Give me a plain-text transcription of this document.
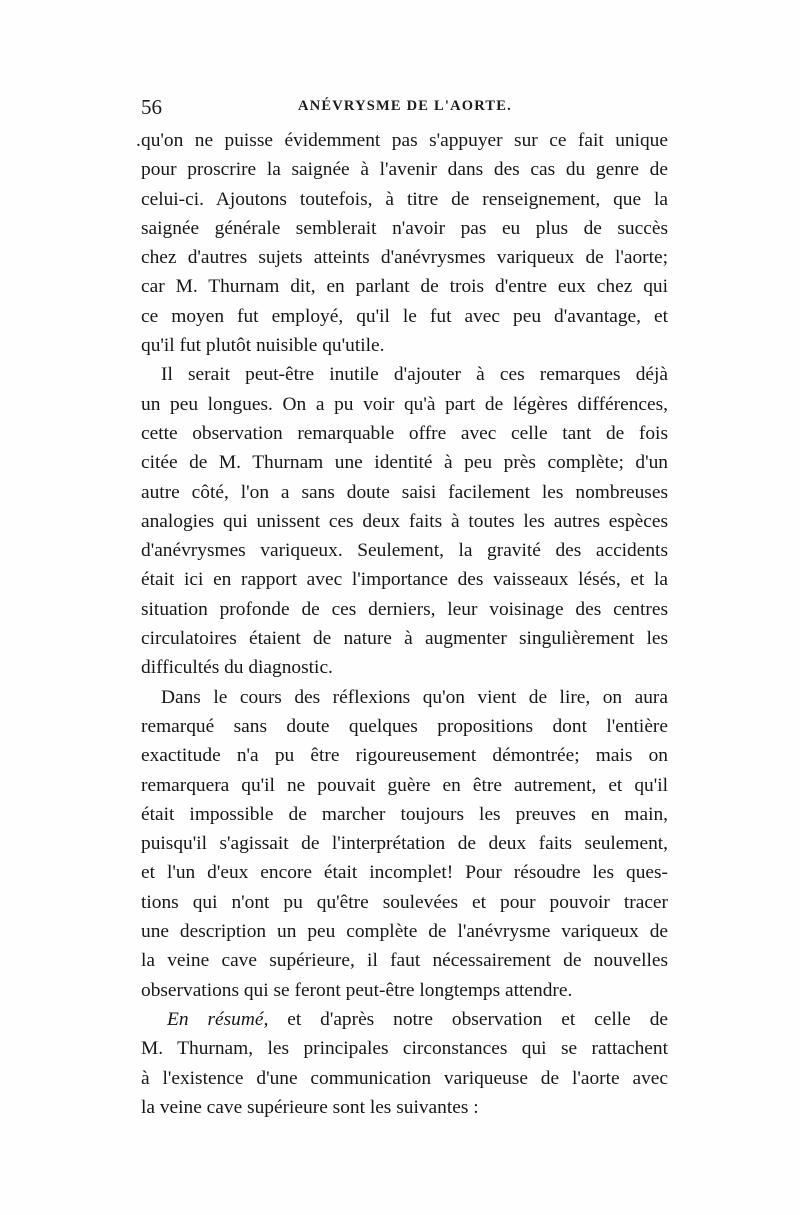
56	ANÉVRYSME DE L'AORTE.
. qu'on ne puisse évidemment pas s'appuyer sur ce fait unique
pour proscrire la saignée à l'avenir dans des cas du genre de
celui-ci. Ajoutons toutefois, à titre de renseignement, que la
saignée générale semblerait n'avoir pas eu plus de succès
chez d'autres sujets atteints d'anévrysmes variqueux de l'aorte;
car M. Thurnam dit, en parlant de trois d'entre eux chez qui
ce moyen fut employé, qu'il le fut avec peu d'avantage, et
qu'il fut plutôt nuisible qu'utile.
Il serait peut-être inutile d'ajouter à ces remarques déjà
un peu longues. On a pu voir qu'à part de légères différences,
cette observation remarquable offre avec celle tant de fois
citée de M. Thurnam une identité à peu près complète; d'un
autre côté, l'on a sans doute saisi facilement les nombreuses
analogies qui unissent ces deux faits à toutes les autres espèces
d'anévrysmes variqueux. Seulement, la gravité des accidents
était ici en rapport avec l'importance des vaisseaux lésés, et la
situation profonde de ces derniers, leur voisinage des centres
circulatoires étaient de nature à augmenter singulièrement les
difficultés du diagnostic.
Dans le cours des réflexions qu'on vient de lire, on aura
remarqué sans doute quelques propositions dont l'entière
exactitude n'a pu être rigoureusement démontrée; mais on
remarquera qu'il ne pouvait guère en être autrement, et qu'il
était impossible de marcher toujours les preuves en main,
puisqu'il s'agissait de l'interprétation de deux faits seulement,
et l'un d'eux encore était incomplet! Pour résoudre les ques-
tions qui n'ont pu qu'être soulevées et pour pouvoir tracer
une description un peu complète de l'anévrysme variqueux de
la veine cave supérieure, il faut nécessairement de nouvelles
observations qui se feront peut-être longtemps attendre.
En résumé, et d'après notre observation et celle de
M. Thurnam, les principales circonstances qui se rattachent
à l'existence d'une communication variqueuse de l'aorte avec
la veine cave supérieure sont les suivantes :
